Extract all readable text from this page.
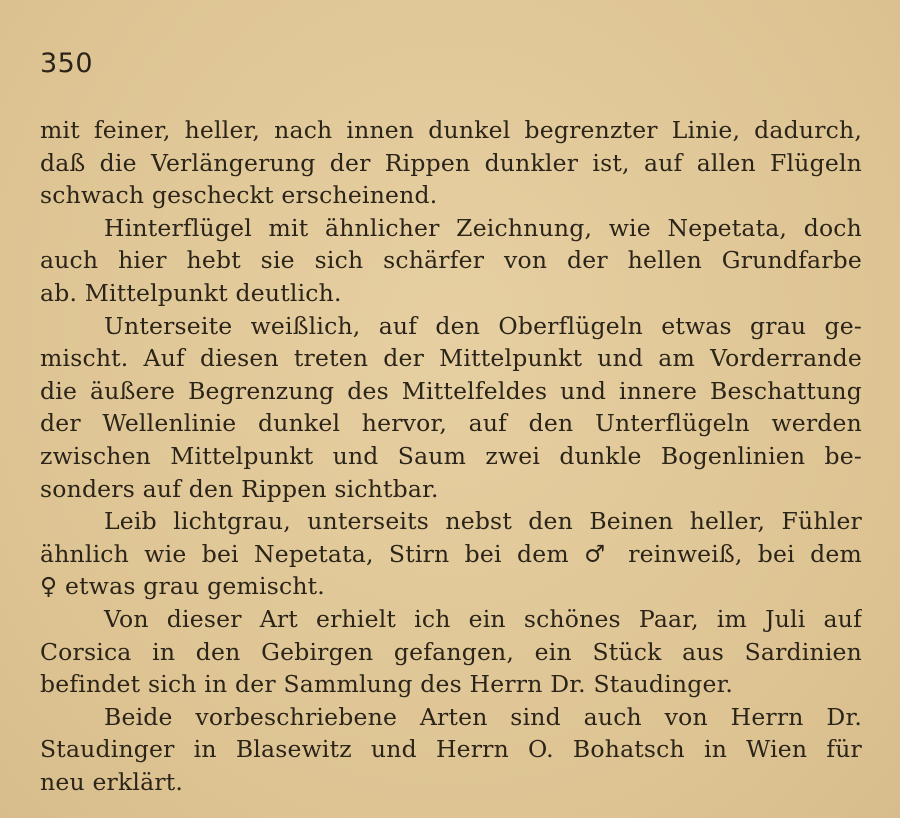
350
mit feiner, heller, nach innen dunkel begrenzter Linie, dadurch,
daß die Verlängerung der Rippen dunkler ist, auf allen Flügeln
schwach gescheckt erscheinend.
Hinterflügel mit ähnlicher Zeichnung, wie Nepetata, doch
auch hier hebt sie sich schärfer von der hellen Grundfarbe
ab. Mittelpunkt deutlich.
Unterseite weißlich, auf den Oberflügeln etwas grau ge-
mischt. Auf diesen treten der Mittelpunkt und am Vorderrande
die äußere Begrenzung des Mittelfeldes und innere Beschattung
der Wellenlinie dunkel hervor, auf den Unterflügeln werden
zwischen Mittelpunkt und Saum zwei dunkle Bogenlinien be-
sonders auf den Rippen sichtbar.
Leib lichtgrau, unterseits nebst den Beinen heller, Fühler
ähnlich wie bei Nepetata, Stirn bei dem ♂ reinweiß, bei dem
♀ etwas grau gemischt.
Von dieser Art erhielt ich ein schönes Paar, im Juli auf
Corsica in den Gebirgen gefangen, ein Stück aus Sardinien
befindet sich in der Sammlung des Herrn Dr. Staudinger.
Beide vorbeschriebene Arten sind auch von Herrn Dr.
Staudinger in Blasewitz und Herrn O. Bohatsch in Wien für
neu erklärt.
